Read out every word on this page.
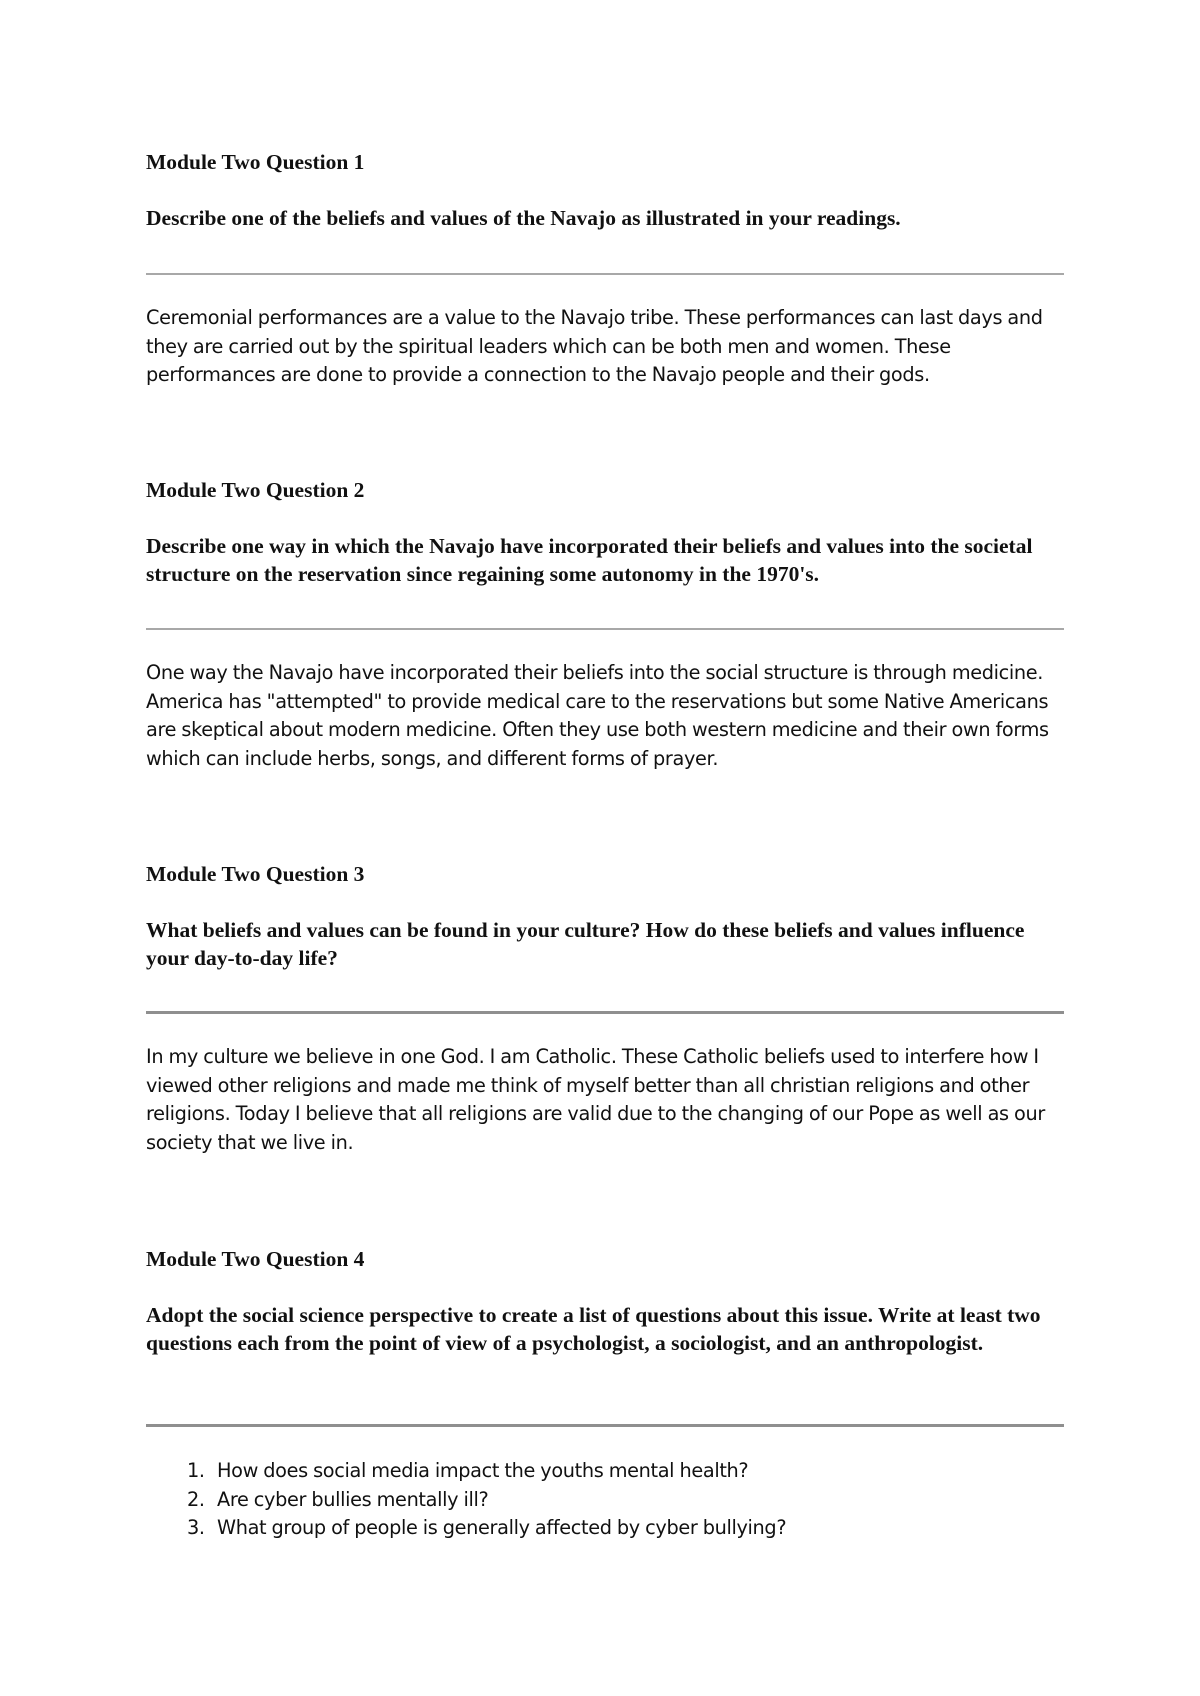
Module Two Question 1

Describe one of the beliefs and values of the Navajo as illustrated in your readings.

Ceremonial performances are a value to the Navajo tribe. These performances can last days and they are carried out by the spiritual leaders which can be both men and women. These performances are done to provide a connection to the Navajo people and their gods.

Module Two Question 2

Describe one way in which the Navajo have incorporated their beliefs and values into the societal structure on the reservation since regaining some autonomy in the 1970's.

One way the Navajo have incorporated their beliefs into the social structure is through medicine. America has "attempted" to provide medical care to the reservations but some Native Americans are skeptical about modern medicine. Often they use both western medicine and their own forms which can include herbs, songs, and different forms of prayer.

Module Two Question 3

What beliefs and values can be found in your culture? How do these beliefs and values influence your day-to-day life?

In my culture we believe in one God. I am Catholic. These Catholic beliefs used to interfere how I viewed other religions and made me think of myself better than all christian religions and other religions. Today I believe that all religions are valid due to the changing of our Pope as well as our society that we live in.

Module Two Question 4

Adopt the social science perspective to create a list of questions about this issue. Write at least two questions each from the point of view of a psychologist, a sociologist, and an anthropologist.

1. How does social media impact the youths mental health?
2. Are cyber bullies mentally ill?
3. What group of people is generally affected by cyber bullying?
